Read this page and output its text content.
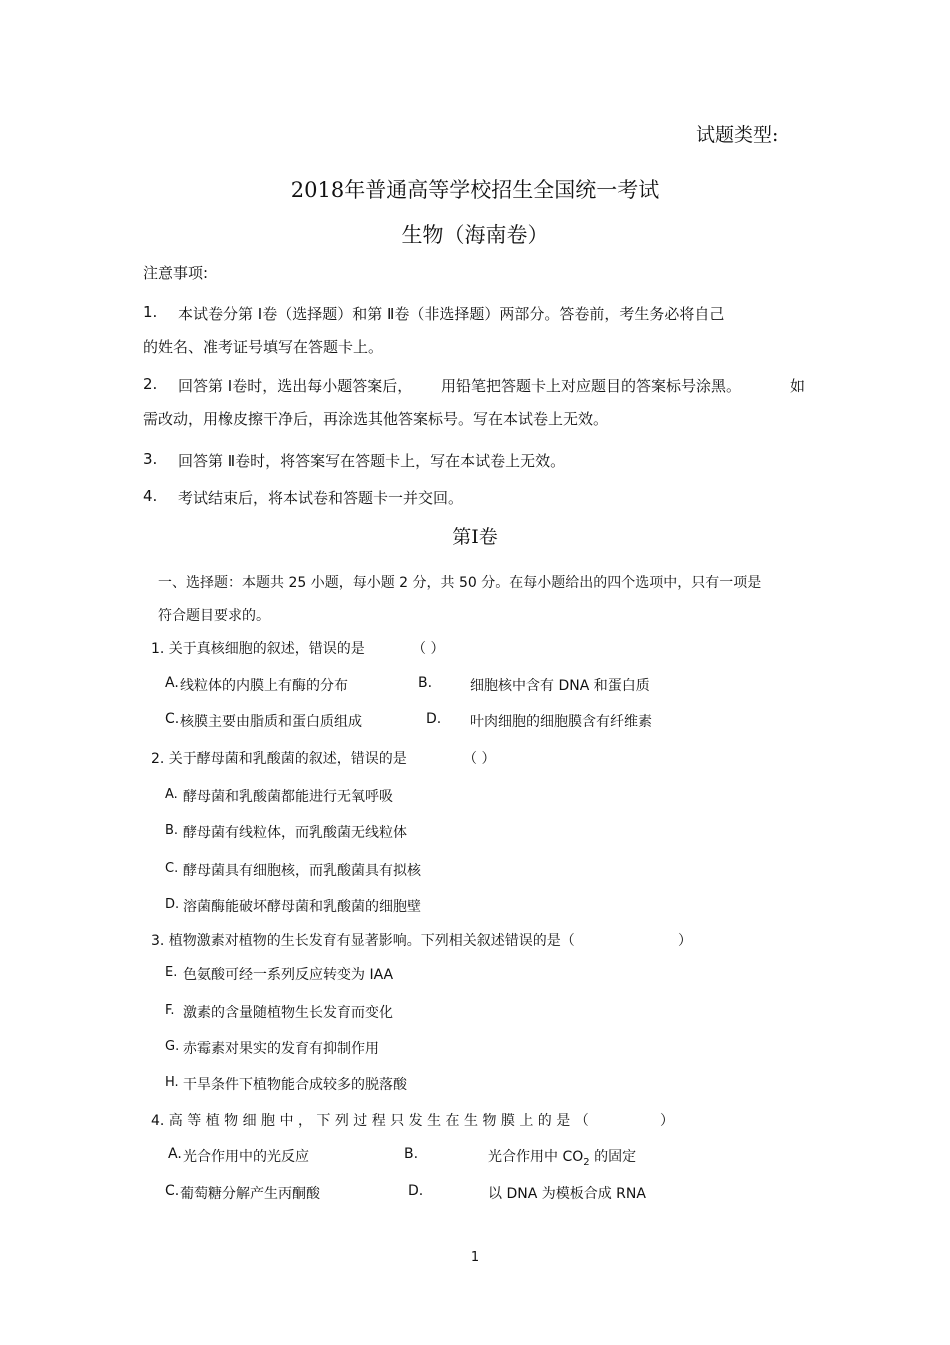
试题类型:
2018年普通高等学校招生全国统一考试
生物（海南卷）
注意事项:
1. 本试卷分第 Ⅰ卷（选择题）和第 Ⅱ卷（非选择题）两部分。答卷前，考生务必将自己
的姓名、准考证号填写在答题卡上。
2. 回答第 Ⅰ卷时，选出每小题答案后， 用铅笔把答题卡上对应题目的答案标号涂黑。	如
需改动，用橡皮擦干净后，再涂选其他答案标号。写在本试卷上无效。
3. 回答第 Ⅱ卷时，将答案写在答题卡上，写在本试卷上无效。
4. 考试结束后，将本试卷和答题卡一并交回。
第Ⅰ卷
一、选择题：本题共 25 小题，每小题 2 分，共 50 分。在每小题给出的四个选项中，只有一项是
符合题目要求的。
1. 关于真核细胞的叙述，错误的是	（ ）
A. 线粒体的内膜上有酶的分布	B.	细胞核中含有 DNA 和蛋白质
C. 核膜主要由脂质和蛋白质组成	D. 叶肉细胞的细胞膜含有纤维素
2. 关于酵母菌和乳酸菌的叙述，错误的是	（ ）
A. 酵母菌和乳酸菌都能进行无氧呼吸
B. 酵母菌有线粒体，而乳酸菌无线粒体
C. 酵母菌具有细胞核，而乳酸菌具有拟核
D. 溶菌酶能破坏酵母菌和乳酸菌的细胞壁
3. 植物激素对植物的生长发育有显著影响。下列相关叙述错误的是（	）
E. 色氨酸可经一系列反应转变为 IAA
F. 激素的含量随植物生长发育而变化
G. 赤霉素对果实的发育有抑制作用
H. 干旱条件下植物能合成较多的脱落酸
4. 高 等 植 物 细 胞 中 ， 下 列 过 程 只 发 生 在 生 物 膜 上 的 是 （	）
A. 光合作用中的光反应	B.	光合作用中 $CO_2$ 的固定
C. 葡萄糖分解产生丙酮酸	D.	以 DNA 为模板合成 RNA
1
